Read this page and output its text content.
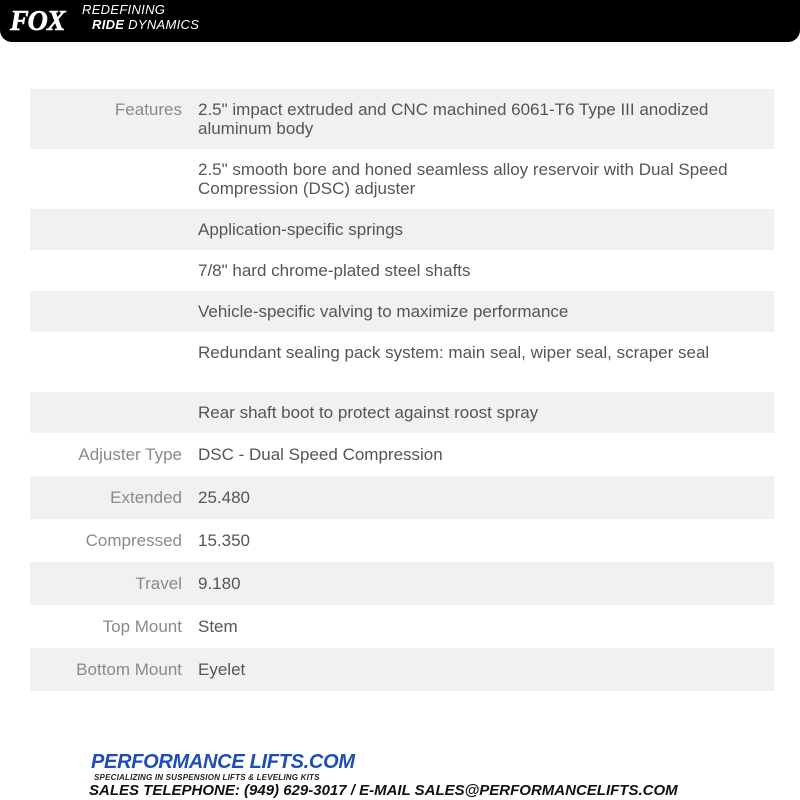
FOX REDEFINING
RIDE DYNAMICS
Features	2.5" impact extruded and CNC machined 6061-T6 Type III anodized aluminum body
	2.5" smooth bore and honed seamless alloy reservoir with Dual Speed Compression (DSC) adjuster
	Application-specific springs
	7/8" hard chrome-plated steel shafts
	Vehicle-specific valving to maximize performance
	Redundant sealing pack system: main seal, wiper seal, scraper seal
	Rear shaft boot to protect against roost spray
Adjuster Type	DSC - Dual Speed Compression
Extended	25.480
Compressed	15.350
Travel	9.180
Top Mount	Stem
Bottom Mount	Eyelet
PERFORMANCE LIFTS.COM
SPECIALIZING IN SUSPENSION LIFTS & LEVELING KITS
SALES TELEPHONE: (949) 629-3017 / E-MAIL SALES@PERFORMANCELIFTS.COM
